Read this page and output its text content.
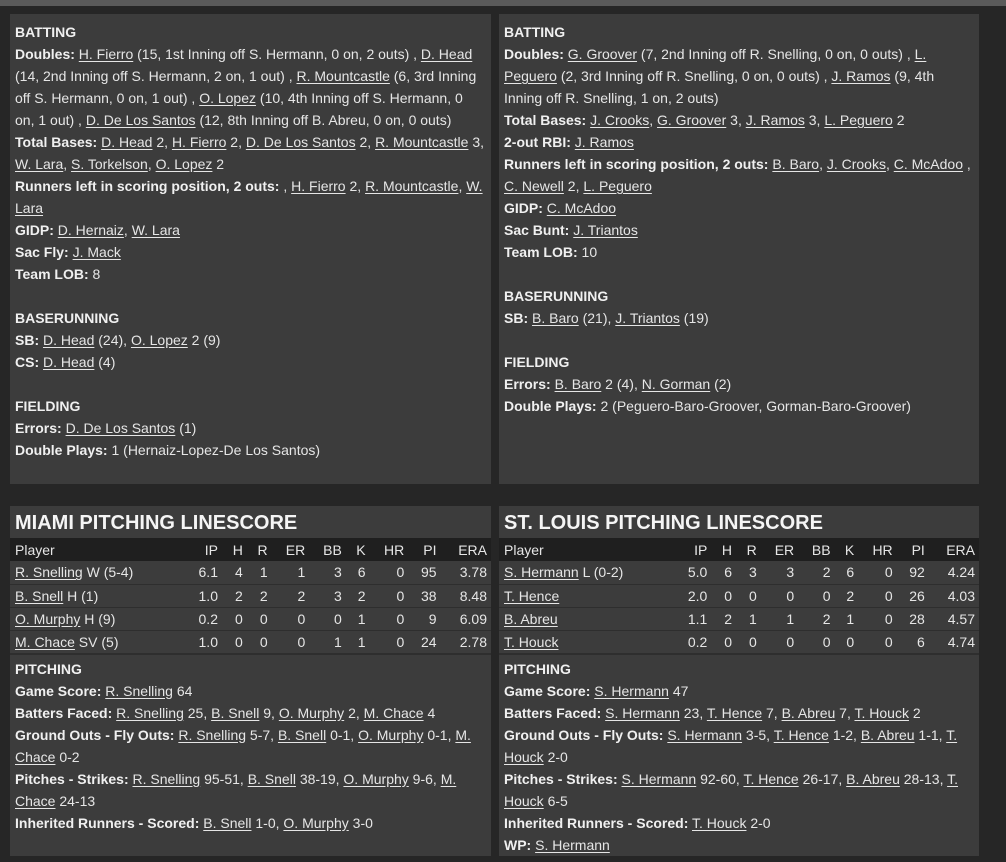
BATTING
Doubles: H. Fierro (15, 1st Inning off S. Hermann, 0 on, 2 outs) , D. Head (14, 2nd Inning off S. Hermann, 2 on, 1 out) , R. Mountcastle (6, 3rd Inning off S. Hermann, 0 on, 1 out) , O. Lopez (10, 4th Inning off S. Hermann, 0 on, 1 out) , D. De Los Santos (12, 8th Inning off B. Abreu, 0 on, 0 outs)
Total Bases: D. Head 2, H. Fierro 2, D. De Los Santos 2, R. Mountcastle 3, W. Lara, S. Torkelson, O. Lopez 2
Runners left in scoring position, 2 outs: , H. Fierro 2, R. Mountcastle, W. Lara
GIDP: D. Hernaiz, W. Lara
Sac Fly: J. Mack
Team LOB: 8
BASERUNNING
SB: D. Head (24), O. Lopez 2 (9)
CS: D. Head (4)
FIELDING
Errors: D. De Los Santos (1)
Double Plays: 1 (Hernaiz-Lopez-De Los Santos)
BATTING
Doubles: G. Groover (7, 2nd Inning off R. Snelling, 0 on, 0 outs) , L. Peguero (2, 3rd Inning off R. Snelling, 0 on, 0 outs) , J. Ramos (9, 4th Inning off R. Snelling, 1 on, 2 outs)
Total Bases: J. Crooks, G. Groover 3, J. Ramos 3, L. Peguero 2
2-out RBI: J. Ramos
Runners left in scoring position, 2 outs: B. Baro, J. Crooks, C. McAdoo , C. Newell 2, L. Peguero
GIDP: C. McAdoo
Sac Bunt: J. Triantos
Team LOB: 10
BASERUNNING
SB: B. Baro (21), J. Triantos (19)
FIELDING
Errors: B. Baro 2 (4), N. Gorman (2)
Double Plays: 2 (Peguero-Baro-Groover, Gorman-Baro-Groover)
MIAMI PITCHING LINESCORE
Player	IP	H	R	ER	BB	K	HR	PI	ERA
R. Snelling W (5-4)	6.1	4	1	1	3	6	0	95	3.78
B. Snell H (1)	1.0	2	2	2	3	2	0	38	8.48
O. Murphy H (9)	0.2	0	0	0	0	1	0	9	6.09
M. Chace SV (5)	1.0	0	0	0	1	1	0	24	2.78
PITCHING
Game Score: R. Snelling 64
Batters Faced: R. Snelling 25, B. Snell 9, O. Murphy 2, M. Chace 4
Ground Outs - Fly Outs: R. Snelling 5-7, B. Snell 0-1, O. Murphy 0-1, M. Chace 0-2
Pitches - Strikes: R. Snelling 95-51, B. Snell 38-19, O. Murphy 9-6, M. Chace 24-13
Inherited Runners - Scored: B. Snell 1-0, O. Murphy 3-0
ST. LOUIS PITCHING LINESCORE
Player	IP	H	R	ER	BB	K	HR	PI	ERA
S. Hermann L (0-2)	5.0	6	3	3	2	6	0	92	4.24
T. Hence	2.0	0	0	0	0	2	0	26	4.03
B. Abreu	1.1	2	1	1	2	1	0	28	4.57
T. Houck	0.2	0	0	0	0	0	0	6	4.74
PITCHING
Game Score: S. Hermann 47
Batters Faced: S. Hermann 23, T. Hence 7, B. Abreu 7, T. Houck 2
Ground Outs - Fly Outs: S. Hermann 3-5, T. Hence 1-2, B. Abreu 1-1, T. Houck 2-0
Pitches - Strikes: S. Hermann 92-60, T. Hence 26-17, B. Abreu 28-13, T. Houck 6-5
Inherited Runners - Scored: T. Houck 2-0
WP: S. Hermann
